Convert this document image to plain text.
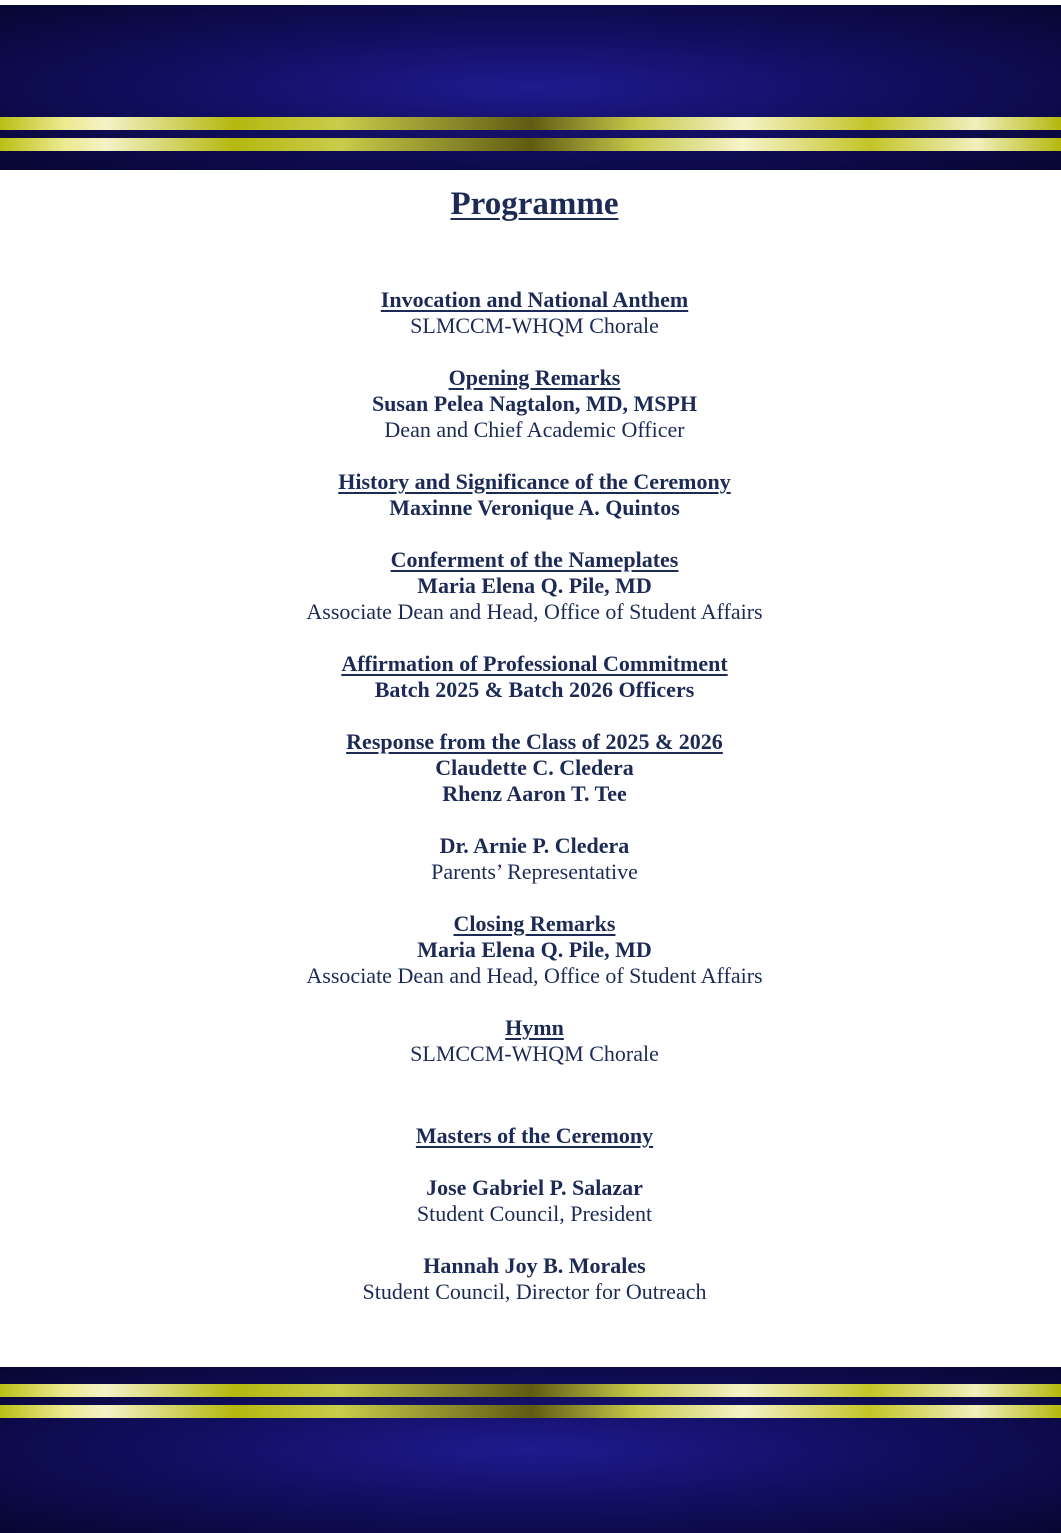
Programme
Invocation and National Anthem
SLMCCM-WHQM Chorale
Opening Remarks
Susan Pelea Nagtalon, MD, MSPH
Dean and Chief Academic Officer
History and Significance of the Ceremony
Maxinne Veronique A. Quintos
Conferment of the Nameplates
Maria Elena Q. Pile, MD
Associate Dean and Head, Office of Student Affairs
Affirmation of Professional Commitment
Batch 2025 & Batch 2026 Officers
Response from the Class of 2025 & 2026
Claudette C. Cledera
Rhenz Aaron T. Tee
Dr. Arnie P. Cledera
Parents’ Representative
Closing Remarks
Maria Elena Q. Pile, MD
Associate Dean and Head, Office of Student Affairs
Hymn
SLMCCM-WHQM Chorale
Masters of the Ceremony
Jose Gabriel P. Salazar
Student Council, President
Hannah Joy B. Morales
Student Council, Director for Outreach
